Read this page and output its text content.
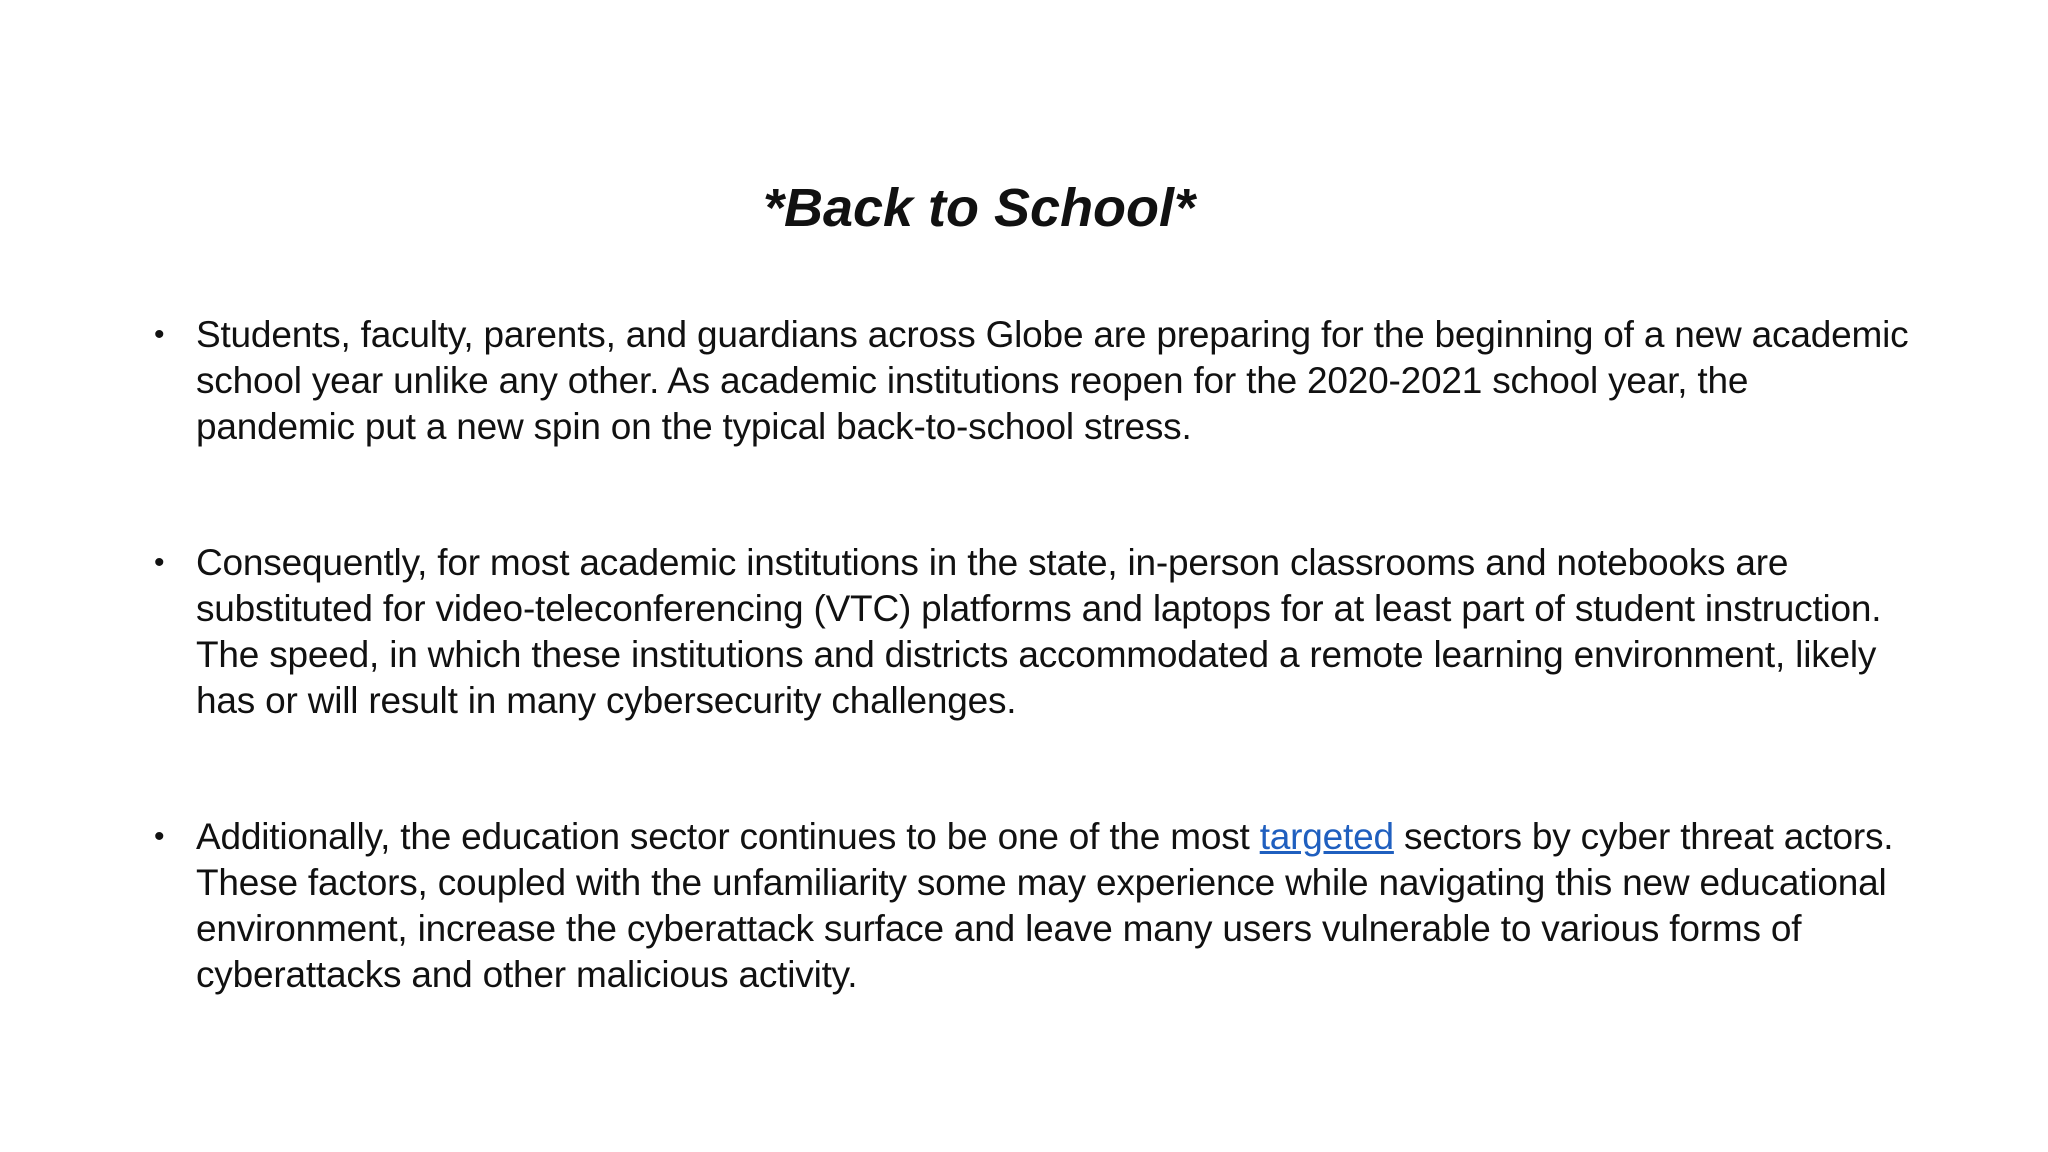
*Back to School*
• Students, faculty, parents, and guardians across Globe are preparing for the beginning of a new academic school year unlike any other. As academic institutions reopen for the 2020-2021 school year, the pandemic put a new spin on the typical back-to-school stress.
• Consequently, for most academic institutions in the state, in-person classrooms and notebooks are substituted for video-teleconferencing (VTC) platforms and laptops for at least part of student instruction. The speed, in which these institutions and districts accommodated a remote learning environment, likely has or will result in many cybersecurity challenges.
• Additionally, the education sector continues to be one of the most targeted sectors by cyber threat actors. These factors, coupled with the unfamiliarity some may experience while navigating this new educational environment, increase the cyberattack surface and leave many users vulnerable to various forms of cyberattacks and other malicious activity.
